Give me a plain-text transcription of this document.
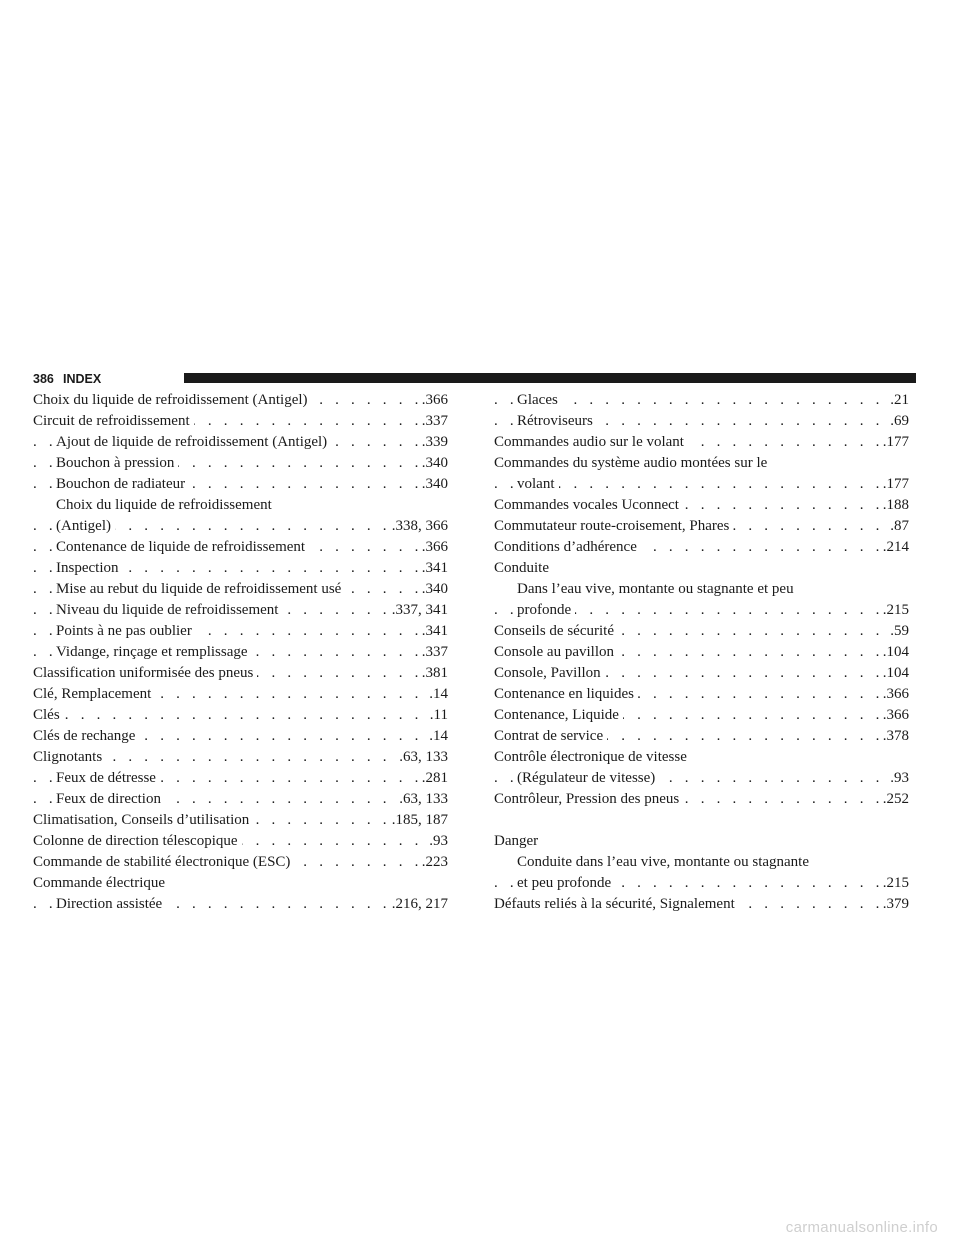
386 INDEX
. . .
Choix du liquide de refroidissement (Antigel)	.366
. . .
Circuit de refroidissement	.337
. . .
Ajout de liquide de refroidissement (Antigel)	.339
. . .
Bouchon à pression	.340
. . .
Bouchon de radiateur	.340
Choix du liquide de refroidissement
. . .
(Antigel)	.338, 366
. . .
Contenance de liquide de refroidissement	.366
. . .
Inspection	.341
. . .
Mise au rebut du liquide de refroidissement usé	.340
. . .
Niveau du liquide de refroidissement	.337, 341
. . .
Points à ne pas oublier	.341
. . .
Vidange, rinçage et remplissage	.337
. . .
Classification uniformisée des pneus	.381
. . .
Clé, Remplacement	.14
. . .
Clés	.11
. . .
Clés de rechange	.14
. . .
Clignotants	.63, 133
. . .
Feux de détresse	.281
. . .
Feux de direction	.63, 133
. . .
Climatisation, Conseils d’utilisation	.185, 187
. . .
Colonne de direction télescopique	.93
. . .
Commande de stabilité électronique (ESC)	.223
Commande électrique
. . .
Direction assistée	.216, 217
. . .
Glaces	.21
. . .
Rétroviseurs	.69
. . .
Commandes audio sur le volant	.177
Commandes du système audio montées sur le
. . .
volant	.177
. . .
Commandes vocales Uconnect	.188
. . .
Commutateur route-croisement, Phares	.87
. . .
Conditions d’adhérence	.214
Conduite
Dans l’eau vive, montante ou stagnante et peu
. . .
profonde	.215
. . .
Conseils de sécurité	.59
. . .
Console au pavillon	.104
. . .
Console, Pavillon	.104
. . .
Contenance en liquides	.366
. . .
Contenance, Liquide	.366
. . .
Contrat de service	.378
Contrôle électronique de vitesse
. . .
(Régulateur de vitesse)	.93
. . .
Contrôleur, Pression des pneus	.252
Danger
Conduite dans l’eau vive, montante ou stagnante
. . .
et peu profonde	.215
. . .
Défauts reliés à la sécurité, Signalement	.379
carmanualsonline.info
